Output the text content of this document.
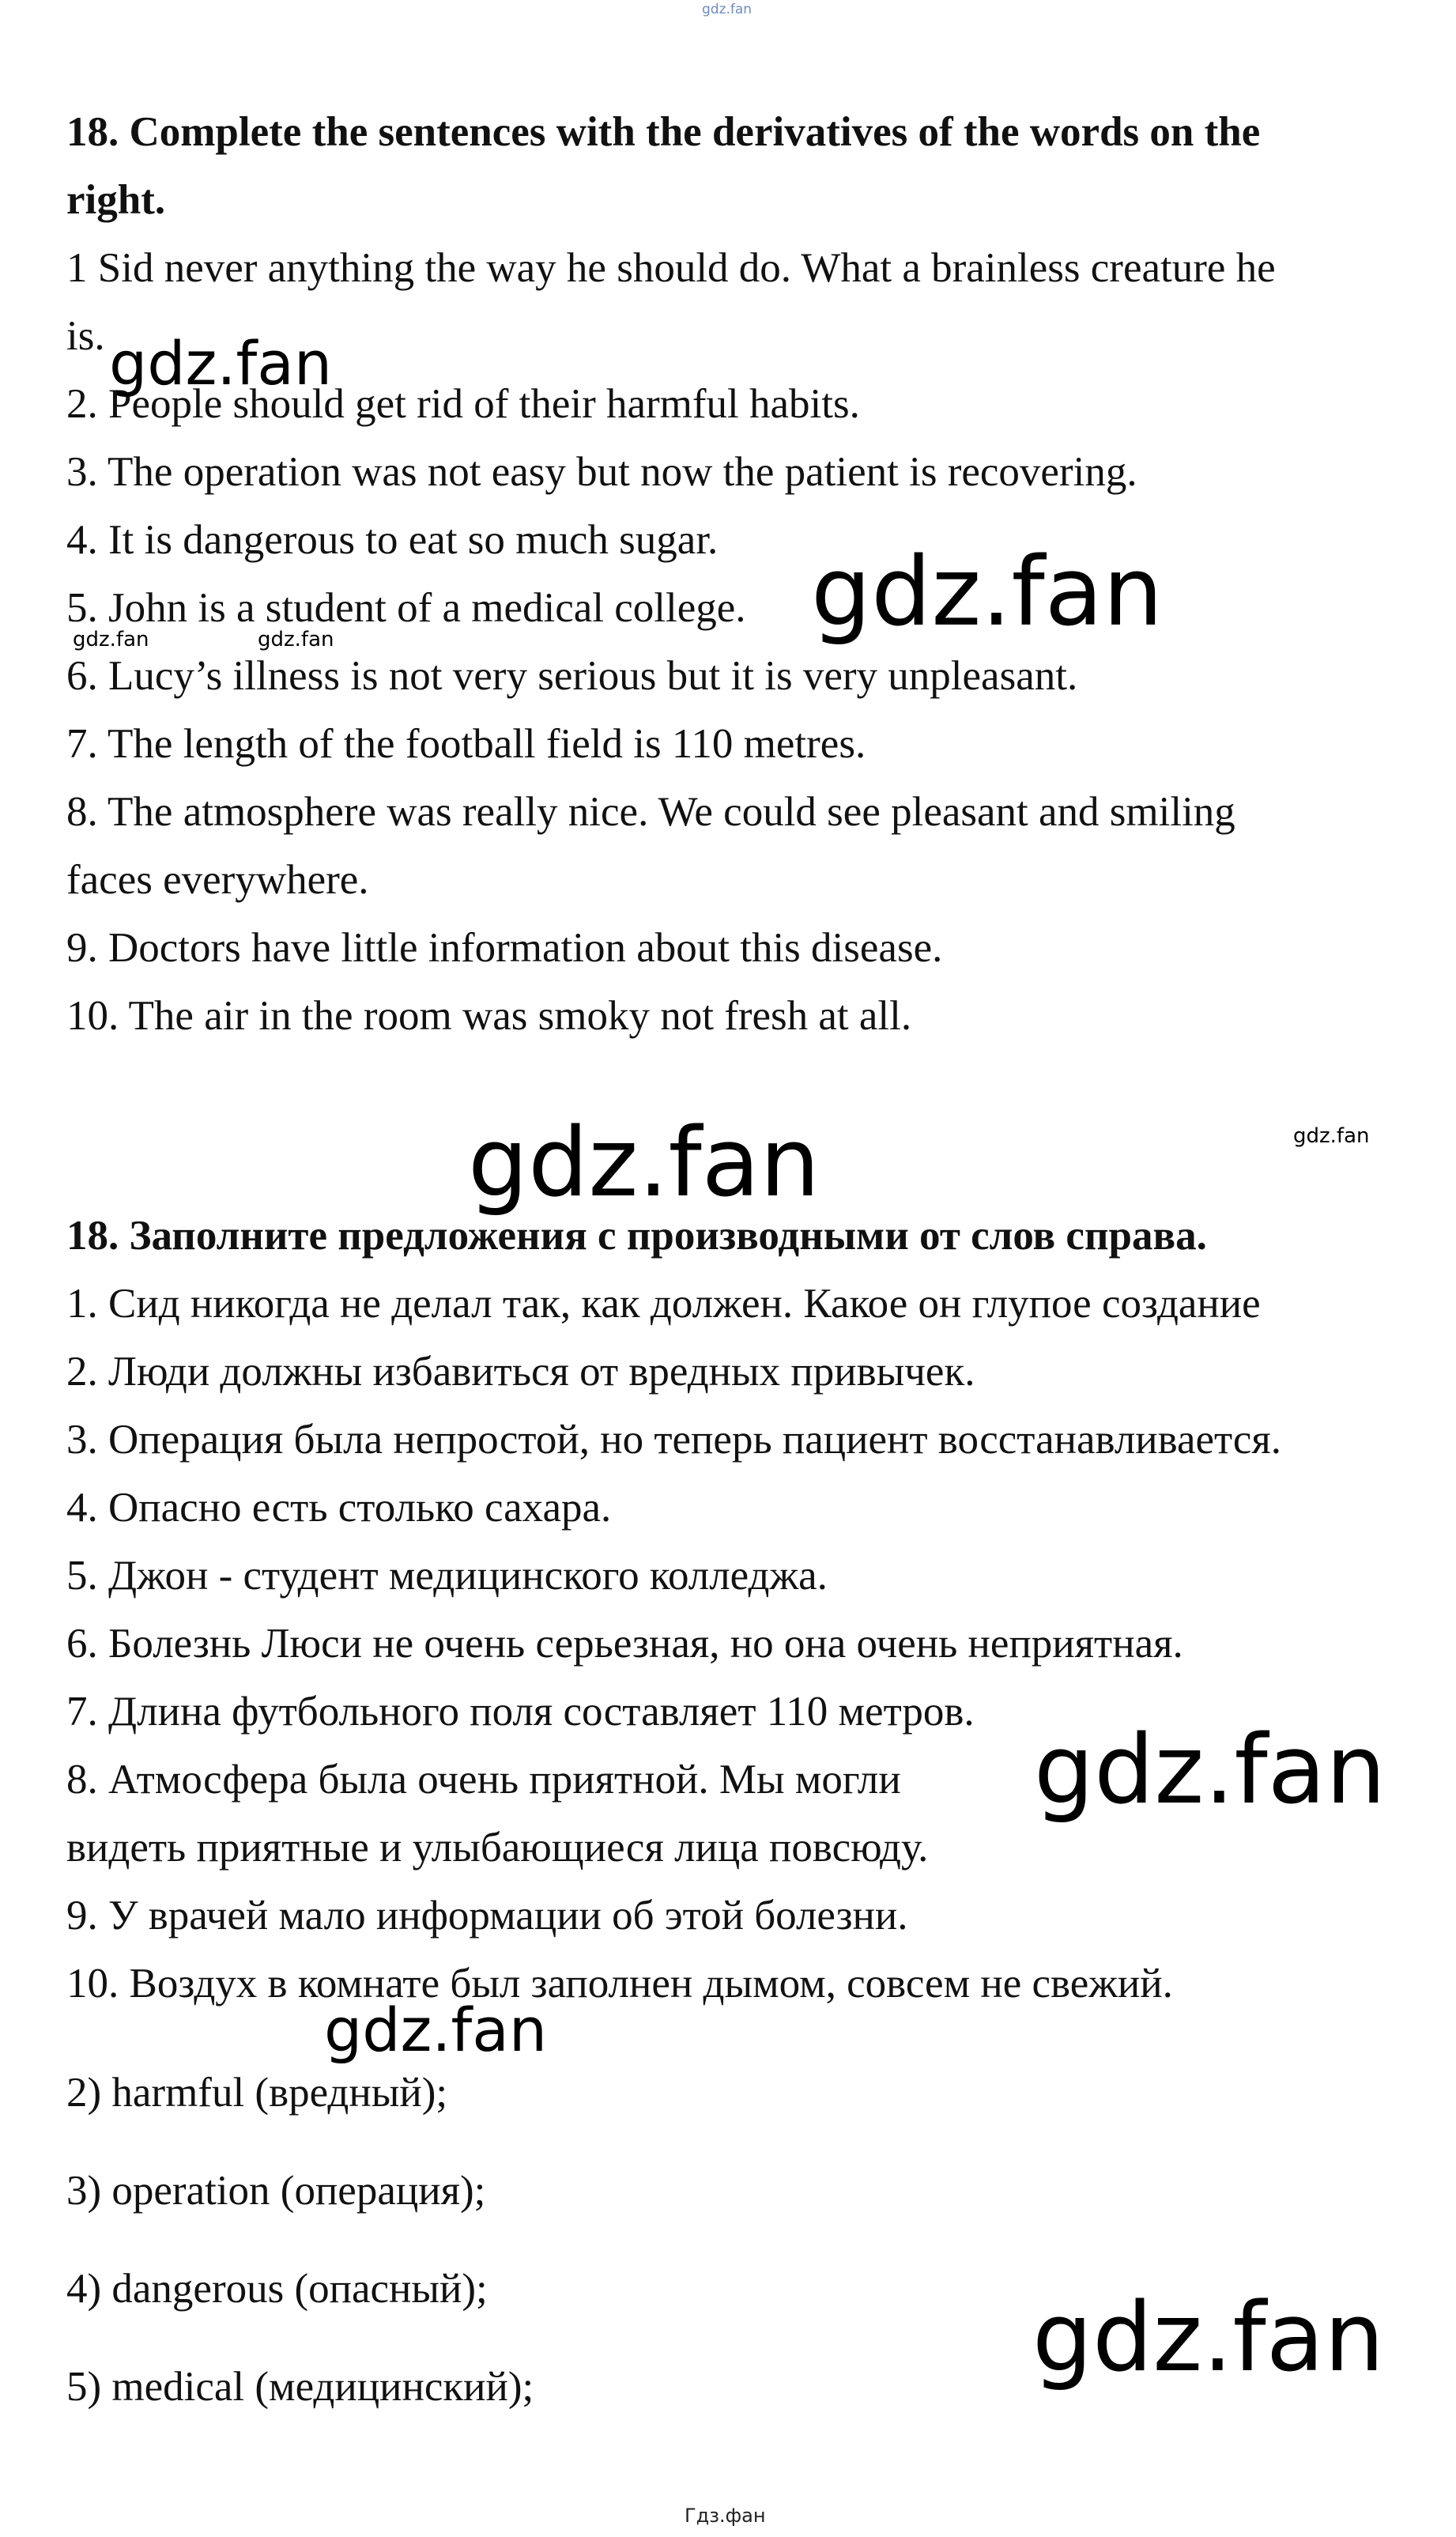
gdz.fan
18. Complete the sentences with the derivatives of the words on the
right.
1 Sid never anything the way he should do. What a brainless creature he
is.
2. People should get rid of their harmful habits.
3. The operation was not easy but now the patient is recovering.
4. It is dangerous to eat so much sugar.
5. John is a student of a medical college.
6. Lucy’s illness is not very serious but it is very unpleasant.
7. The length of the football field is 110 metres.
8. The atmosphere was really nice. We could see pleasant and smiling
faces everywhere.
9. Doctors have little information about this disease.
10. The air in the room was smoky not fresh at all.
18. Заполните предложения с производными от слов справа.
1. Сид никогда не делал так, как должен. Какое он глупое создание
2. Люди должны избавиться от вредных привычек.
3. Операция была непростой, но теперь пациент восстанавливается.
4. Опасно есть столько сахара.
5. Джон - студент медицинского колледжа.
6. Болезнь Люси не очень серьезная, но она очень неприятная.
7. Длина футбольного поля составляет 110 метров.
8. Атмосфера была очень приятной. Мы могли
видеть приятные и улыбающиеся лица повсюду.
9. У врачей мало информации об этой болезни.
10. Воздух в комнате был заполнен дымом, совсем не свежий.
2) harmful (вредный);
3) operation (операция);
4) dangerous (опасный);
5) medical (медицинский);
gdz.fan
gdz.fan
gdz.fan	gdz.fan
gdz.fan
gdz.fan
gdz.fan
gdz.fan
gdz.fan
Гдз.фан
